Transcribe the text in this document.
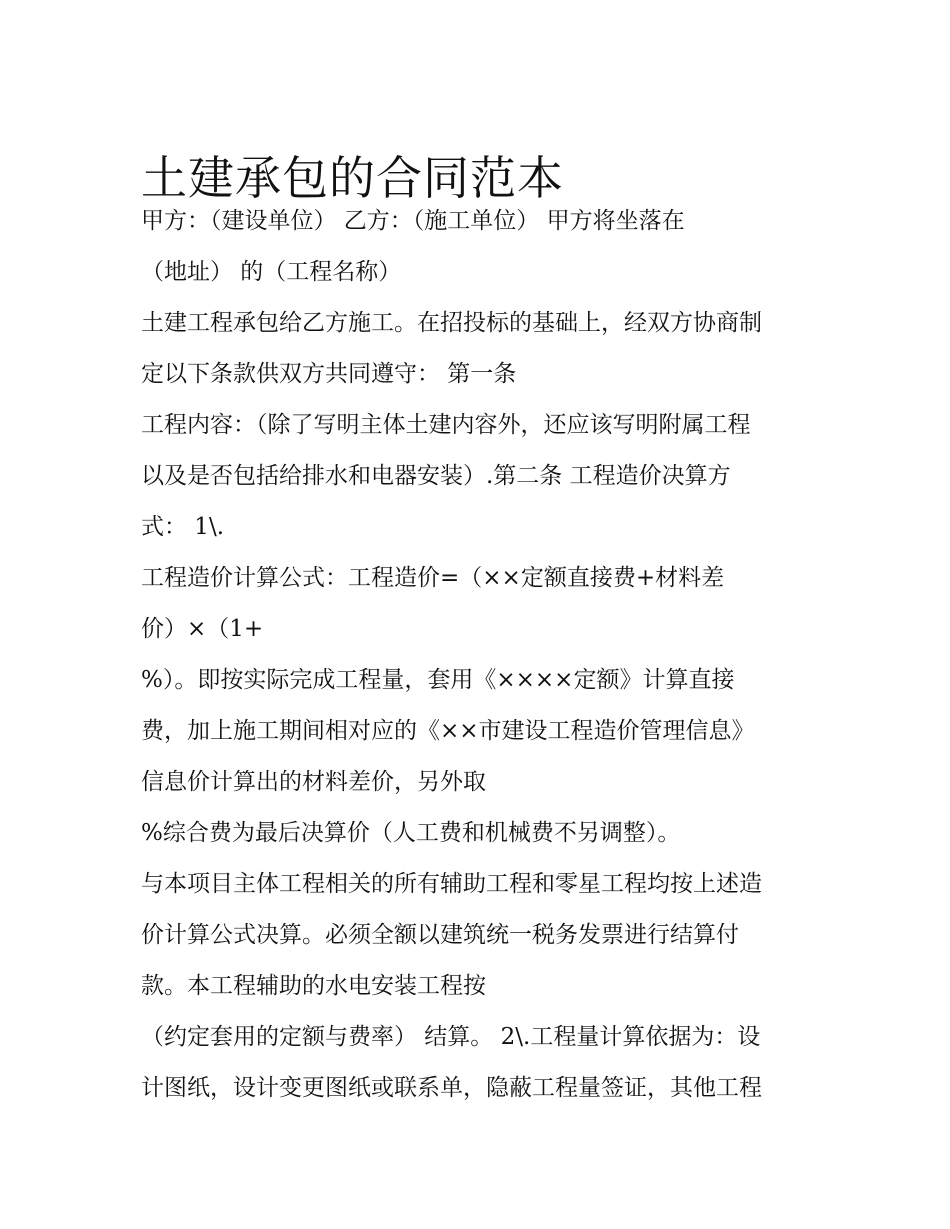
土建承包的合同范本
甲方：（建设单位） 乙方：（施工单位） 甲方将坐落在
（地址） 的（工程名称）
土建工程承包给乙方施工。在招投标的基础上，经双方协商制
定以下条款供双方共同遵守： 第一条
工程内容：（除了写明主体土建内容外，还应该写明附属工程
以及是否包括给排水和电器安装）.第二条 工程造价决算方
式： 1\.
工程造价计算公式：工程造价=（××定额直接费+材料差
价）×（1+
%）。即按实际完成工程量，套用《××××定额》计算直接
费，加上施工期间相对应的《××市建设工程造价管理信息》
信息价计算出的材料差价，另外取
%综合费为最后决算价（人工费和机械费不另调整）。
与本项目主体工程相关的所有辅助工程和零星工程均按上述造
价计算公式决算。必须全额以建筑统一税务发票进行结算付
款。本工程辅助的水电安装工程按
（约定套用的定额与费率） 结算。 2\.工程量计算依据为：设
计图纸，设计变更图纸或联系单，隐蔽工程量签证，其他工程
